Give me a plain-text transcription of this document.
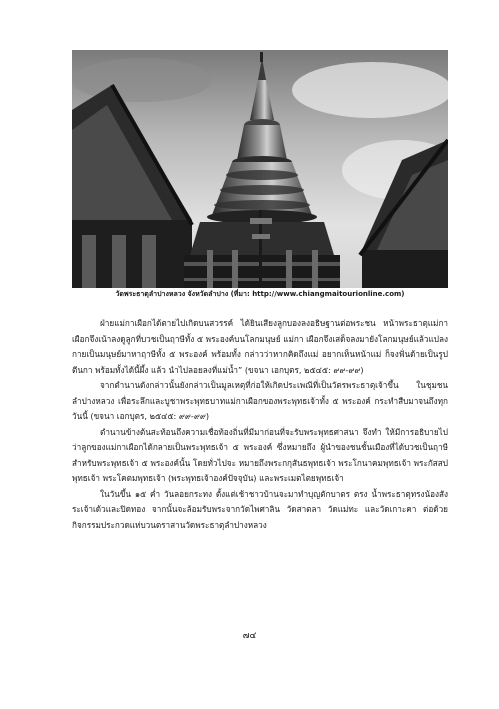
วัดพระธาตุลำปางหลวง จังหวัดลำปาง (ที่มา: http://www.chiangmaitourionline.com)

ฝ่ายแม่กาเผือกได้ตายไปเกิดบนสวรรค์ ได้ยินเสียงลูกบองลงอธิษฐานต่อพระชน หน้าพระธาตุแม่กาเผือกจึงเน้าลงดูลูกที่บวชเป็นฤาษีทั้ง ๕ พระองค์บนโลกมนุษย์ แม่กา เผือกจึงเสด็จลงมายังโลกมนุษย์แล้วแปลงกายเป็นมนุษย์มาหาฤาษีทั้ง ๕ พระองค์ พร้อมทั้ง กล่าวว่าหากคิดถึงแม่ อยากเห็นหน้าแม่ ก็จงฟั่นด้ายเป็นรูปตีนกา พร้อมทั้งได้นี้ผึ้ง แล้ว นำไปลอยลงที่แม่น้ำ” (ขจนา เอกบุตร, ๒๕๔๕: ๙๙-๙๙)

จากตำนานดังกล่าวนั้นยังกล่าวเป็นมูลเหตุที่ก่อให้เกิดประเพณีที่เป็นวัตรพระธาตุเจ้าขึ้น ในชุมชนลำปางหลวง เพื่อระลึกและบูชาพระพุทธบาทแม่กาเผือกของพระพุทธเจ้าทั้ง ๕ พระองค์ กระทำสืบมาจนถึงทุกวันนี้ (ขจนา เอกบุตร, ๒๕๔๕: ๙๙-๙๙)

ตำนานข้างต้นสะท้อนถึงความเชื่อท้องถิ่นที่มีมาก่อนที่จะรับพระพุทธศาสนา จึงทำ ให้มีการอธิบายไปว่าลูกของแม่กาเผือกได้กลายเป็นพระพุทธเจ้า ๕ พระองค์ ซึ่งหมายถึง ผู้นำของชนชั้นเมืองที่ได้บวชเป็นฤาษี สำหรับพระพุทธเจ้า ๕ พระองค์นั้น โดยทั่วไปจะ หมายถึงพระกกุสันธพุทธเจ้า พระโกนาคมพุทธเจ้า พระกัสสปพุทธเจ้า พระโคตมพุทธเจ้า (พระพุทธเจ้าองค์ปัจจุบัน) และพระเมตไตยพุทธเจ้า

ในวันขึ้น ๑๕ ค่ำ วันลอยกระทง ตั้งแต่เช้าชาวบ้านจะมาทำบุญตักบาตร ตรง น้ำพระธาตุทรงน้องสังระเจ้าเด้วและปิดทอง จากนั้นจะล้อมรับพระจากวัดไพศาลิน วัดสาตลา วัดแม่ทะ และวัดเกาะคา ต่อด้วยกิจกรรมประกวดแห่บวนตราสานวัดพระธาตุลำปางหลวง

๗๔
